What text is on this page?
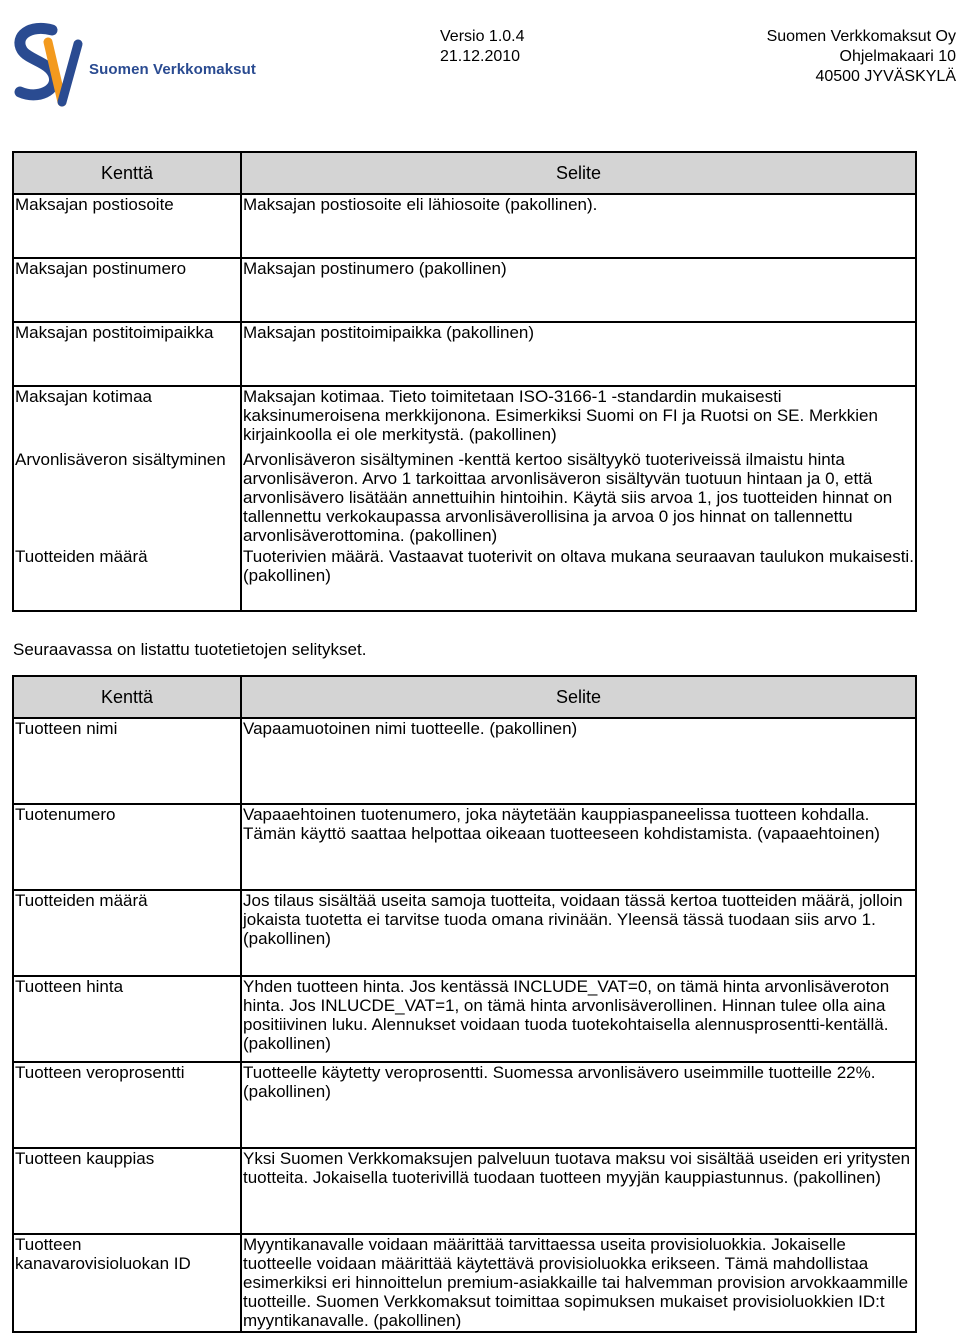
Suomen Verkkomaksut
Versio 1.0.4
21.12.2010
Suomen Verkkomaksut Oy
Ohjelmakaari 10
40500 JYVÄSKYLÄ
Kenttä	Selite
Maksajan postiosoite	Maksajan postiosoite eli lähiosoite (pakollinen).
Maksajan postinumero	Maksajan postinumero (pakollinen)
Maksajan postitoimipaikka	Maksajan postitoimipaikka (pakollinen)
Maksajan kotimaa	Maksajan kotimaa. Tieto toimitetaan ISO-3166-1 -standardin mukaisesti kaksinumeroisena merkkijonona. Esimerkiksi Suomi on FI ja Ruotsi on SE. Merkkien kirjainkoolla ei ole merkitystä. (pakollinen)
Arvonlisäveron sisältyminen	Arvonlisäveron sisältyminen -kenttä kertoo sisältyykö tuoteriveissä ilmaistu hinta arvonlisäveron. Arvo 1 tarkoittaa arvonlisäveron sisältyvän tuotuun hintaan ja 0, että arvonlisävero lisätään annettuihin hintoihin. Käytä siis arvoa 1, jos tuotteiden hinnat on tallennettu verkokaupassa arvonlisäverollisina ja arvoa 0 jos hinnat on tallennettu arvonlisäverottomina. (pakollinen)
Tuotteiden määrä	Tuoterivien määrä. Vastaavat tuoterivit on oltava mukana seuraavan taulukon mukaisesti. (pakollinen)
Seuraavassa on listattu tuotetietojen selitykset.
Kenttä	Selite
Tuotteen nimi	Vapaamuotoinen nimi tuotteelle. (pakollinen)
Tuotenumero	Vapaaehtoinen tuotenumero, joka näytetään kauppiaspaneelissa tuotteen kohdalla. Tämän käyttö saattaa helpottaa oikeaan tuotteeseen kohdistamista. (vapaaehtoinen)
Tuotteiden määrä	Jos tilaus sisältää useita samoja tuotteita, voidaan tässä kertoa tuotteiden määrä, jolloin jokaista tuotetta ei tarvitse tuoda omana rivinään. Yleensä tässä tuodaan siis arvo 1. (pakollinen)
Tuotteen hinta	Yhden tuotteen hinta. Jos kentässä INCLUDE_VAT=0, on tämä hinta arvonlisäveroton hinta. Jos INLUCDE_VAT=1, on tämä hinta arvonlisäverollinen. Hinnan tulee olla aina positiivinen luku. Alennukset voidaan tuoda tuotekohtaisella alennusprosentti-kentällä. (pakollinen)
Tuotteen veroprosentti	Tuotteelle käytetty veroprosentti. Suomessa arvonlisävero useimmille tuotteille 22%. (pakollinen)
Tuotteen kauppias	Yksi Suomen Verkkomaksujen palveluun tuotava maksu voi sisältää useiden eri yritysten tuotteita. Jokaisella tuoterivillä tuodaan tuotteen myyjän kauppiastunnus. (pakollinen)
Tuotteen kanavarovisioluokan ID	Myyntikanavalle voidaan määrittää tarvittaessa useita provisioluokkia. Jokaiselle tuotteelle voidaan määrittää käytettävä provisioluokka erikseen. Tämä mahdollistaa esimerkiksi eri hinnoittelun premium-asiakkaille tai halvemman provision arvokkaammille tuotteille. Suomen Verkkomaksut toimittaa sopimuksen mukaiset provisioluokkien ID:t myyntikanavalle. (pakollinen)
